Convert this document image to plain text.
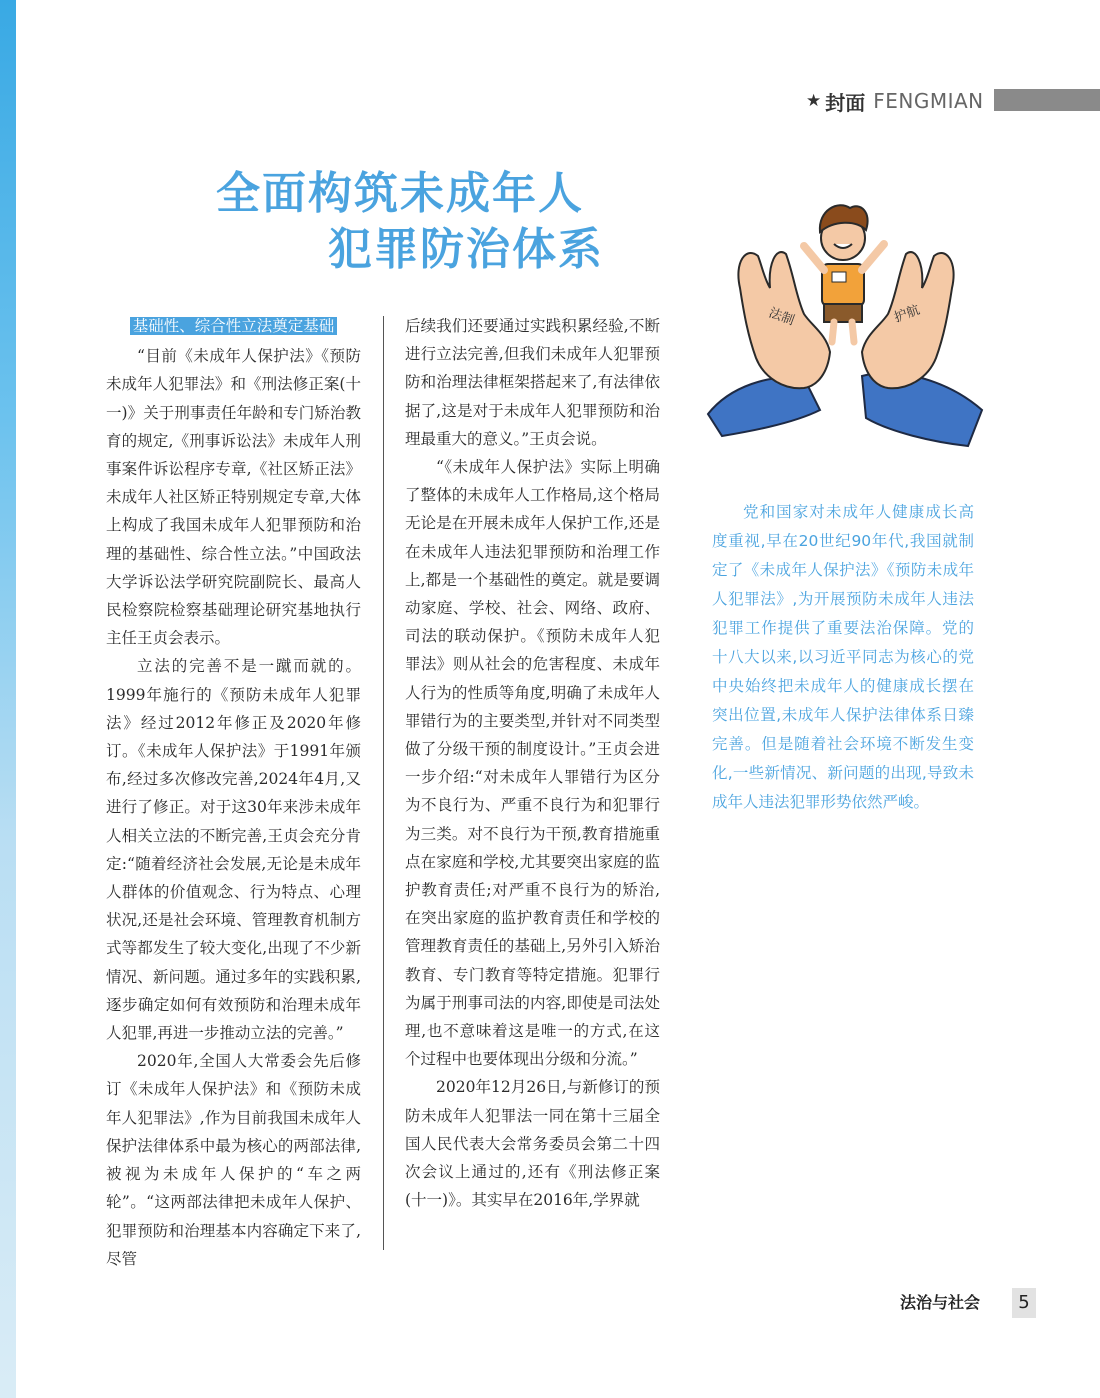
★ 封面 FENGMIAN
全面构筑未成年人
犯罪防治体系
基础性、综合性立法奠定基础

“目前《未成年人保护法》《预防未成年人犯罪法》和《刑法修正案(十一)》关于刑事责任年龄和专门矫治教育的规定,《刑事诉讼法》未成年人刑事案件诉讼程序专章,《社区矫正法》未成年人社区矫正特别规定专章,大体上构成了我国未成年人犯罪预防和治理的基础性、综合性立法。”中国政法大学诉讼法学研究院副院长、最高人民检察院检察基础理论研究基地执行主任王贞会表示。

立法的完善不是一蹴而就的。1999年施行的《预防未成年人犯罪法》经过2012年修正及2020年修订。《未成年人保护法》于1991年颁布,经过多次修改完善,2024年4月,又进行了修正。对于这30年来涉未成年人相关立法的不断完善,王贞会充分肯定:“随着经济社会发展,无论是未成年人群体的价值观念、行为特点、心理状况,还是社会环境、管理教育机制方式等都发生了较大变化,出现了不少新情况、新问题。通过多年的实践积累,逐步确定如何有效预防和治理未成年人犯罪,再进一步推动立法的完善。”

2020年,全国人大常委会先后修订《未成年人保护法》和《预防未成年人犯罪法》,作为目前我国未成年人保护法律体系中最为核心的两部法律,被视为未成年人保护的“车之两轮”。“这两部法律把未成年人保护、犯罪预防和治理基本内容确定下来了,尽管

后续我们还要通过实践积累经验,不断进行立法完善,但我们未成年人犯罪预防和治理法律框架搭起来了,有法律依据了,这是对于未成年人犯罪预防和治理最重大的意义。”王贞会说。

“《未成年人保护法》实际上明确了整体的未成年人工作格局,这个格局无论是在开展未成年人保护工作,还是在未成年人违法犯罪预防和治理工作上,都是一个基础性的奠定。就是要调动家庭、学校、社会、网络、政府、司法的联动保护。《预防未成年人犯罪法》则从社会的危害程度、未成年人行为的性质等角度,明确了未成年人罪错行为的主要类型,并针对不同类型做了分级干预的制度设计。”王贞会进一步介绍:“对未成年人罪错行为区分为不良行为、严重不良行为和犯罪行为三类。对不良行为干预,教育措施重点在家庭和学校,尤其要突出家庭的监护教育责任;对严重不良行为的矫治,在突出家庭的监护教育责任和学校的管理教育责任的基础上,另外引入矫治教育、专门教育等特定措施。犯罪行为属于刑事司法的内容,即使是司法处理,也不意味着这是唯一的方式,在这个过程中也要体现出分级和分流。”

2020年12月26日,与新修订的预防未成年人犯罪法一同在第十三届全国人民代表大会常务委员会第二十四次会议上通过的,还有《刑法修正案(十一)》。其实早在2016年,学界就

法制	护航

党和国家对未成年人健康成长高度重视,早在20世纪90年代,我国就制定了《未成年人保护法》《预防未成年人犯罪法》,为开展预防未成年人违法犯罪工作提供了重要法治保障。党的十八大以来,以习近平同志为核心的党中央始终把未成年人的健康成长摆在突出位置,未成年人保护法律体系日臻完善。但是随着社会环境不断发生变化,一些新情况、新问题的出现,导致未成年人违法犯罪形势依然严峻。

法治与社会	5
